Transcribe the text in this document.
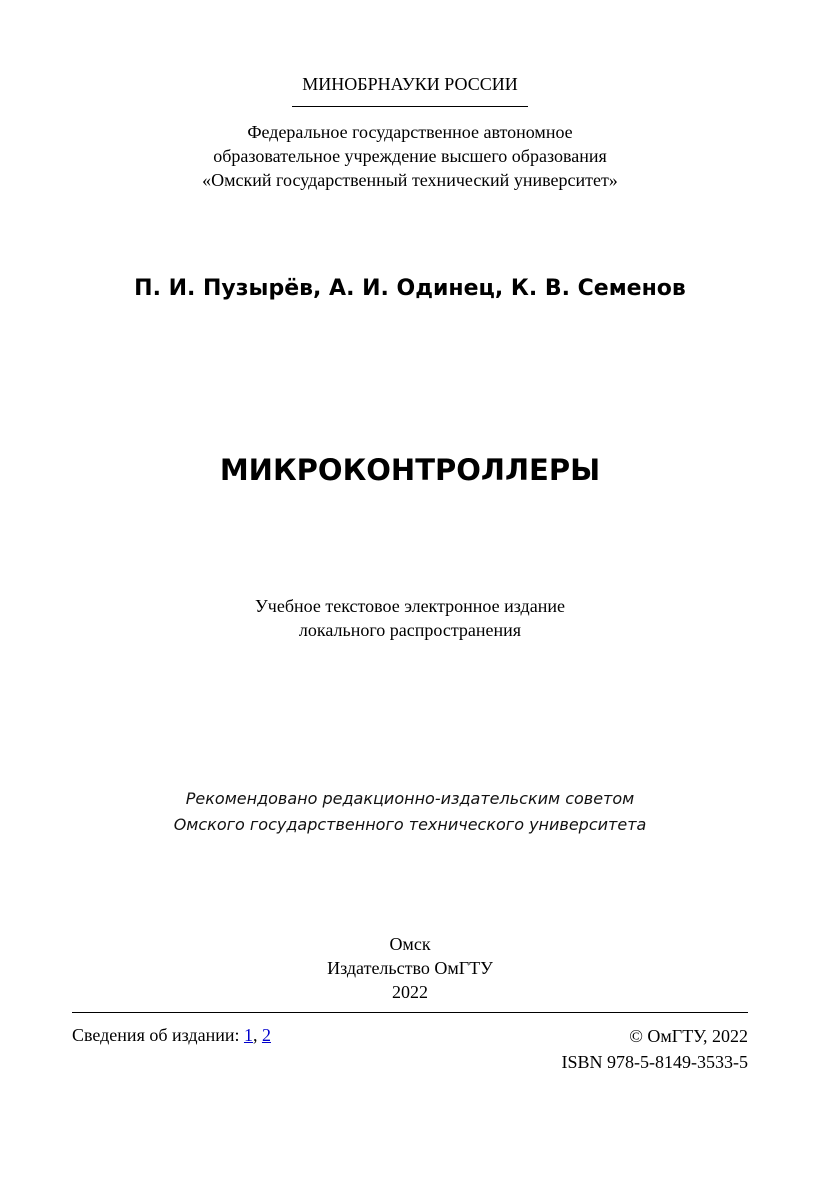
МИНОБРНАУКИ РОССИИ
Федеральное государственное автономное
образовательное учреждение высшего образования
«Омский государственный технический университет»
П. И. Пузырёв, А. И. Одинец, К. В. Семенов
МИКРОКОНТРОЛЛЕРЫ
Учебное текстовое электронное издание
локального распространения
Рекомендовано редакционно-издательским советом
Омского государственного технического университета
Омск
Издательство ОмГТУ
2022
Сведения об издании: 1, 2	© ОмГТУ, 2022
ISBN 978-5-8149-3533-5
